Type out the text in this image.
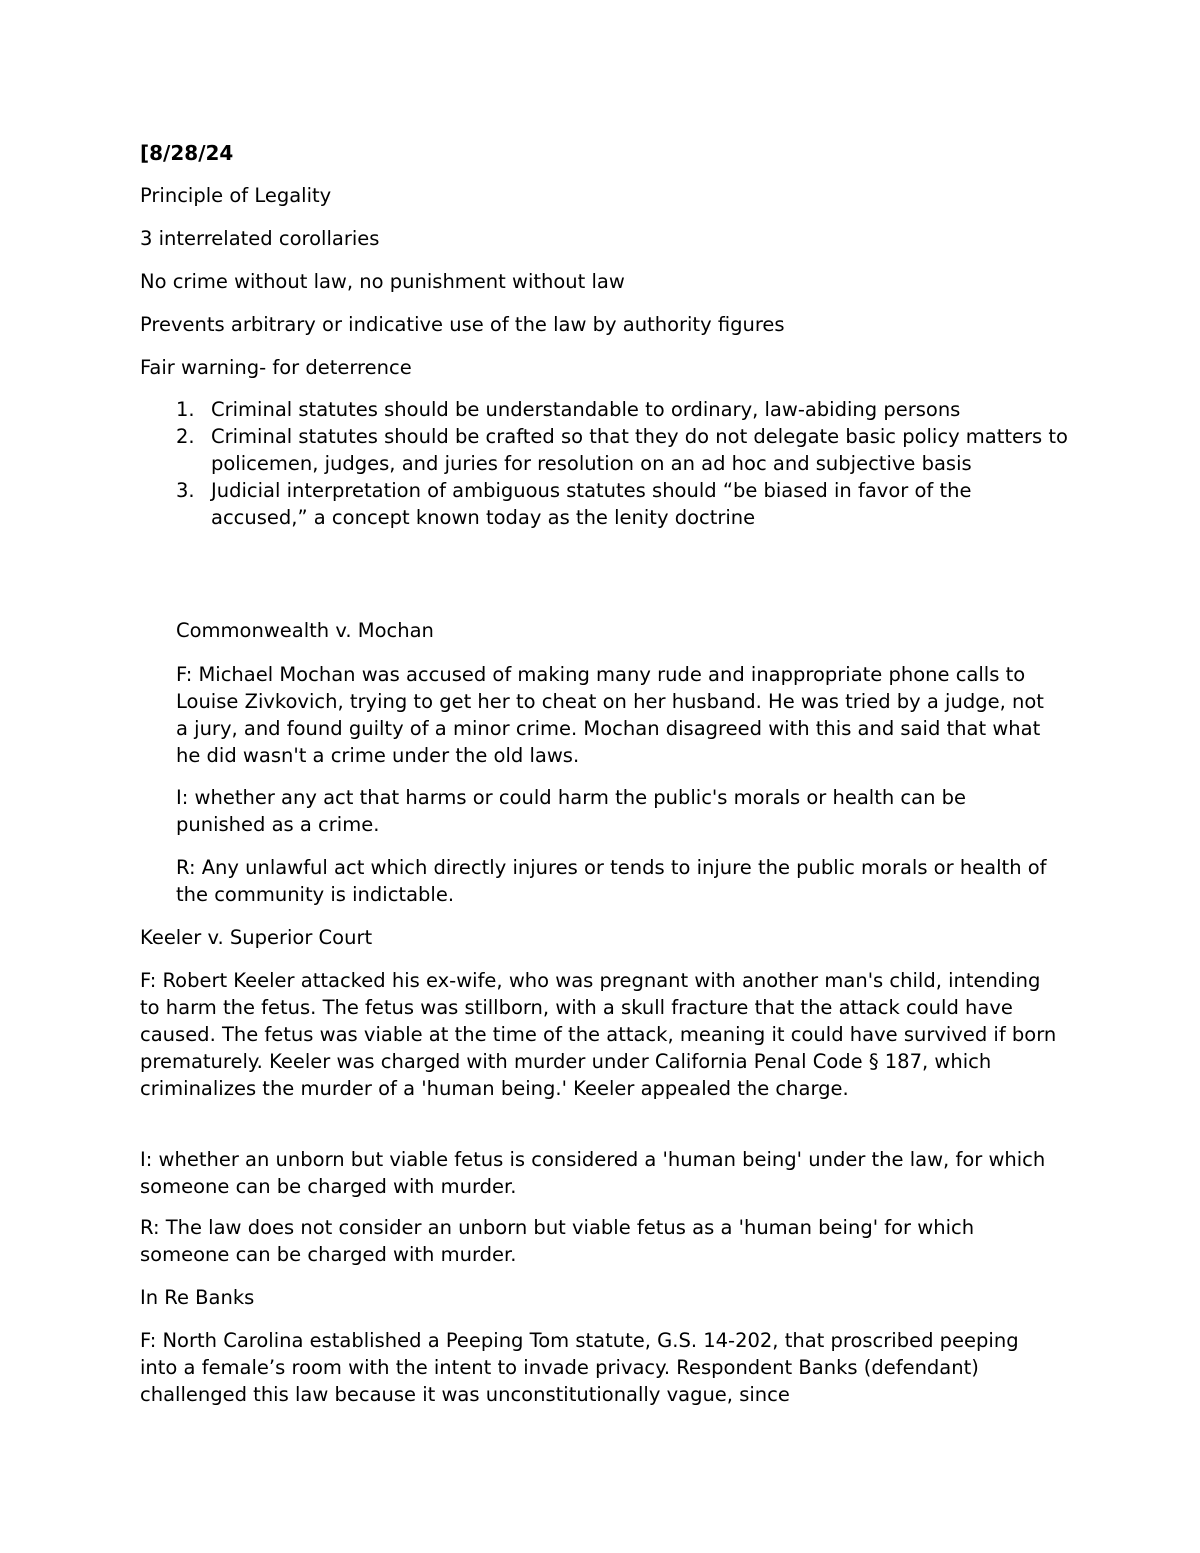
[8/28/24

Principle of Legality

3 interrelated corollaries

No crime without law, no punishment without law

Prevents arbitrary or indicative use of the law by authority figures

Fair warning- for deterrence

1. Criminal statutes should be understandable to ordinary, law-abiding persons
2. Criminal statutes should be crafted so that they do not delegate basic policy matters to policemen, judges, and juries for resolution on an ad hoc and subjective basis
3. Judicial interpretation of ambiguous statutes should “be biased in favor of the accused,” a concept known today as the lenity doctrine

Commonwealth v. Mochan

F: Michael Mochan was accused of making many rude and inappropriate phone calls to Louise Zivkovich, trying to get her to cheat on her husband. He was tried by a judge, not a jury, and found guilty of a minor crime. Mochan disagreed with this and said that what he did wasn't a crime under the old laws.

I: whether any act that harms or could harm the public's morals or health can be punished as a crime.

R: Any unlawful act which directly injures or tends to injure the public morals or health of the community is indictable.

Keeler v. Superior Court

F: Robert Keeler attacked his ex-wife, who was pregnant with another man's child, intending to harm the fetus. The fetus was stillborn, with a skull fracture that the attack could have caused. The fetus was viable at the time of the attack, meaning it could have survived if born prematurely. Keeler was charged with murder under California Penal Code § 187, which criminalizes the murder of a 'human being.' Keeler appealed the charge.

I: whether an unborn but viable fetus is considered a 'human being' under the law, for which someone can be charged with murder.

R: The law does not consider an unborn but viable fetus as a 'human being' for which someone can be charged with murder.

In Re Banks

F: North Carolina established a Peeping Tom statute, G.S. 14-202, that proscribed peeping into a female’s room with the intent to invade privacy. Respondent Banks (defendant) challenged this law because it was unconstitutionally vague, since
